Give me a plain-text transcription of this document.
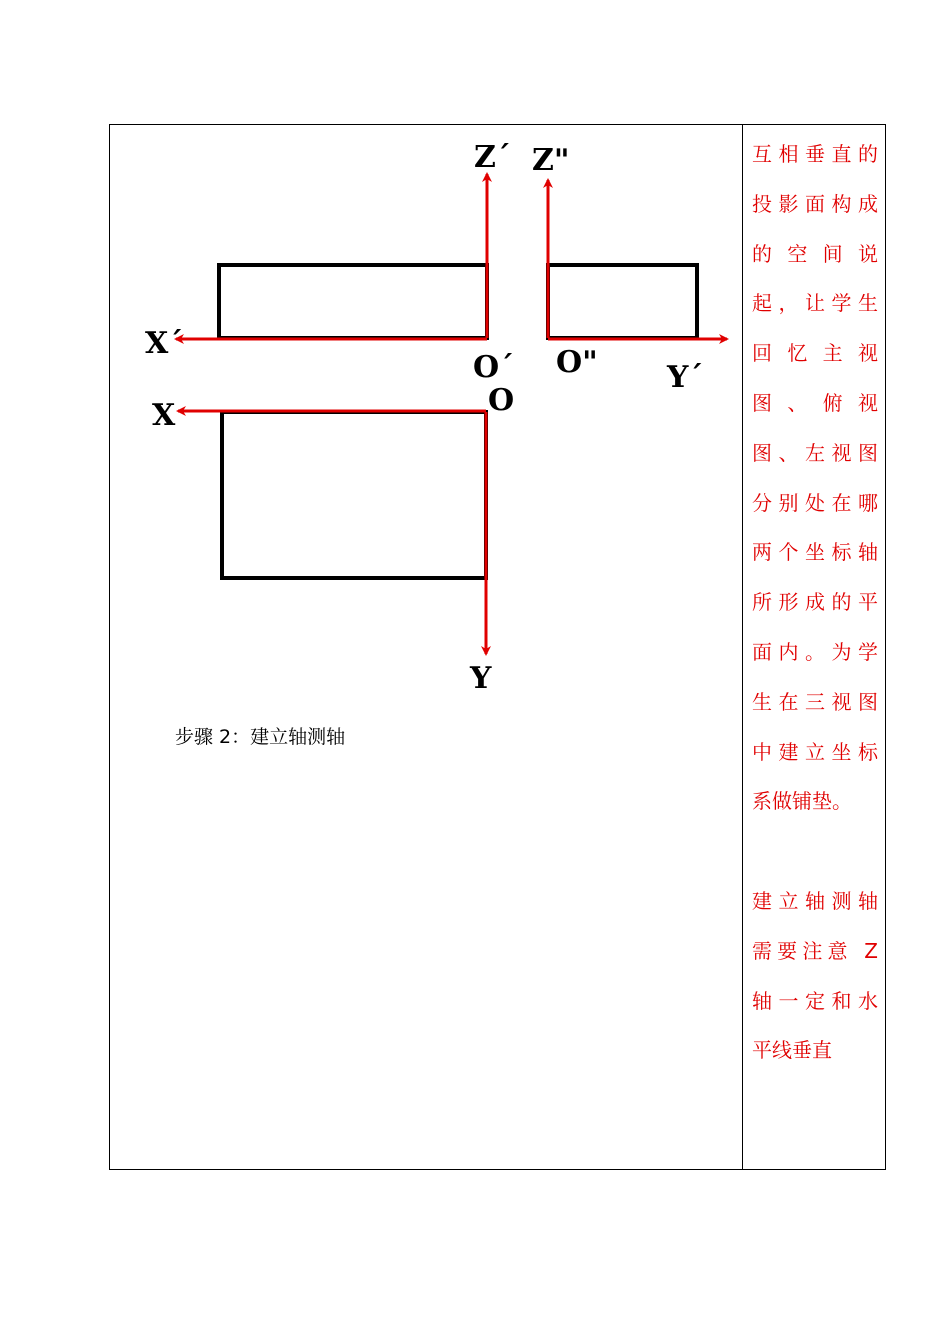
Z´ Z"
X´
O´ O" Y´
X	O
Y
步骤 2：建立轴测轴
互相垂直的
投影面构成
的空间说
起，让学生
回忆主视
图、俯视
图、左视图
分别处在哪
两个坐标轴
所形成的平
面内。为学
生在三视图
中建立坐标
系做铺垫。
建立轴测轴
需要注意 Z
轴一定和水
平线垂直
